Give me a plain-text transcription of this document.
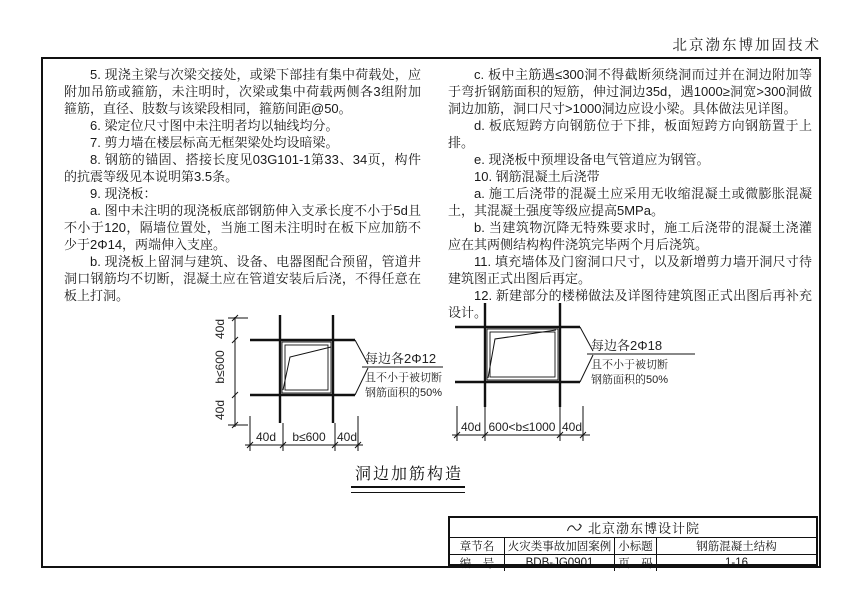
北京渤东博加固技术

5. 现浇主梁与次梁交接处，或梁下部挂有集中荷载处，应附加吊筋或箍筋，未注明时，次梁或集中荷载两侧各3组附加箍筋，直径、肢数与该梁段相同，箍筋间距@50。

6. 梁定位尺寸图中未注明者均以轴线均分。

7. 剪力墙在楼层标高无框架梁处均设暗梁。

8. 钢筋的锚固、搭接长度见03G101-1第33、34页，构件的抗震等级见本说明第3.5条。

9. 现浇板：

a. 图中未注明的现浇板底部钢筋伸入支承长度不小于5d且不小于120，隔墙位置处，当施工图未注明时在板下应加筋不少于2Φ14，两端伸入支座。

b. 现浇板上留洞与建筑、设备、电器图配合预留，管道井洞口钢筋均不切断，混凝土应在管道安装后后浇，不得任意在板上打洞。

c. 板中主筋遇≤300洞不得截断须绕洞而过并在洞边附加等于弯折钢筋面积的短筋，伸过洞边35d，遇1000≥洞宽>300洞做洞边加筋，洞口尺寸>1000洞边应设小梁。具体做法见详图。

d. 板底短跨方向钢筋位于下排，板面短跨方向钢筋置于上排。

e. 现浇板中预埋设备电气管道应为钢管。

10. 钢筋混凝土后浇带

a. 施工后浇带的混凝土应采用无收缩混凝土或微膨胀混凝土，其混凝土强度等级应提高5MPa。

b. 当建筑物沉降无特殊要求时，施工后浇带的混凝土浇灌应在其两侧结构构件浇筑完毕两个月后浇筑。

11. 填充墙体及门窗洞口尺寸，以及新增剪力墙开洞尺寸待建筑图正式出图后再定。

12. 新建部分的楼梯做法及详图待建筑图正式出图后再补充设计。

40d
b≤600
40d
40d b≤600 40d
每边各2Φ12
且不小于被切断
钢筋面积的50%
40d 600<b≤1000 40d
每边各2Φ18
且不小于被切断
钢筋面积的50%
洞边加筋构造
北京渤东博设计院
章节名	火灾类事故加固案例 小标题	钢筋混凝土结构
编　号	BDB-JG0901	页　码	1-16
